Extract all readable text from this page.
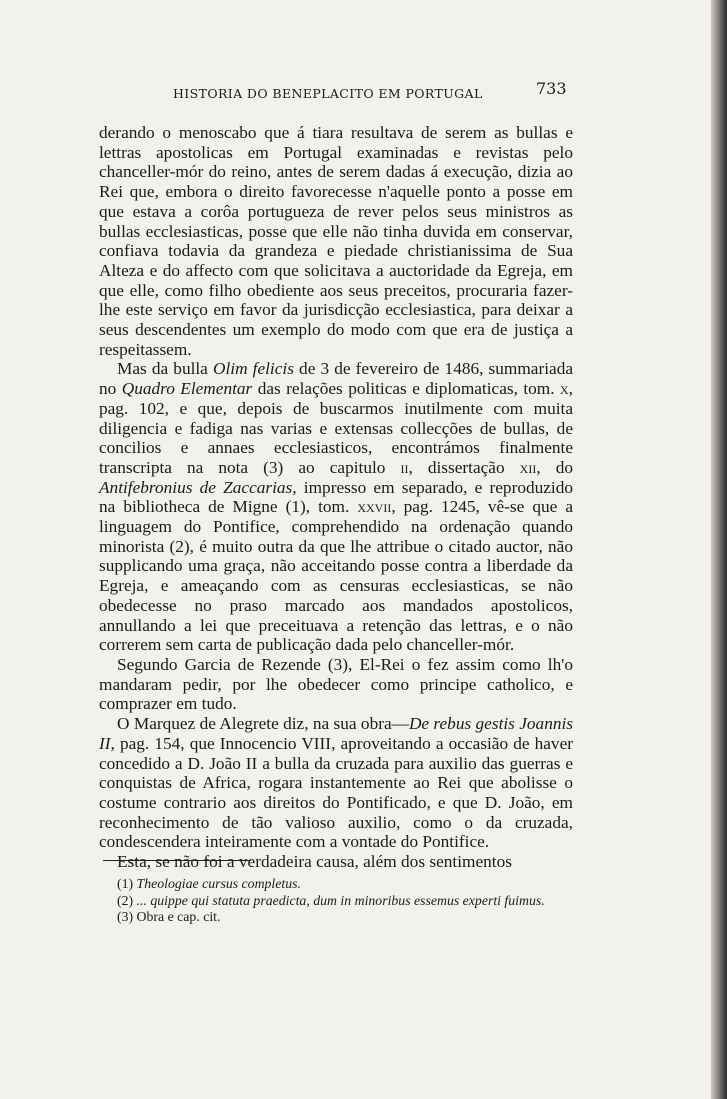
HISTORIA DO BENEPLACITO EM PORTUGAL	733

derando o menoscabo que á tiara resultava de serem as bullas e lettras apostolicas em Portugal examinadas e revistas pelo chanceller-mór do reino, antes de serem dadas á execução, dizia ao Rei que, embora o direito favorecesse n'aquelle ponto a posse em que estava a corôa portugueza de rever pelos seus ministros as bullas ecclesiasticas, posse que elle não tinha duvida em conservar, confiava todavia da grandeza e piedade christianissima de Sua Alteza e do affecto com que solicitava a auctoridade da Egreja, em que elle, como filho obediente aos seus preceitos, procuraria fazer-lhe este serviço em favor da jurisdicção ecclesiastica, para deixar a seus descendentes um exemplo do modo com que era de justiça a respeitassem.

Mas da bulla Olim felicis de 3 de fevereiro de 1486, summariada no Quadro Elementar das relações politicas e diplomaticas, tom. x, pag. 102, e que, depois de buscarmos inutilmente com muita diligencia e fadiga nas varias e extensas collecções de bullas, de concilios e annaes ecclesiasticos, encontrámos finalmente transcripta na nota (3) ao capitulo ii, dissertação xii, do Antifebronius de Zaccarias, impresso em separado, e reproduzido na bibliotheca de Migne (1), tom. xxvii, pag. 1245, vê-se que a linguagem do Pontifice, comprehendido na ordenação quando minorista (2), é muito outra da que lhe attribue o citado auctor, não supplicando uma graça, não acceitando posse contra a liberdade da Egreja, e ameaçando com as censuras ecclesiasticas, se não obedecesse no praso marcado aos mandados apostolicos, annullando a lei que preceituava a retenção das lettras, e o não correrem sem carta de publicação dada pelo chanceller-mór.

Segundo Garcia de Rezende (3), El-Rei o fez assim como lh'o mandaram pedir, por lhe obedecer como principe catholico, e comprazer em tudo.

O Marquez de Alegrete diz, na sua obra—De rebus gestis Joannis II, pag. 154, que Innocencio VIII, aproveitando a occasião de haver concedido a D. João II a bulla da cruzada para auxilio das guerras e conquistas de Africa, rogara instantemente ao Rei que abolisse o costume contrario aos direitos do Pontificado, e que D. João, em reconhecimento de tão valioso auxilio, como o da cruzada, condescendera inteiramente com a vontade do Pontifice.

Esta, se não foi a verdadeira causa, além dos sentimentos

(1) Theologiae cursus completus.

(2) ... quippe qui statuta praedicta, dum in minoribus essemus experti fuimus.

(3) Obra e cap. cit.
